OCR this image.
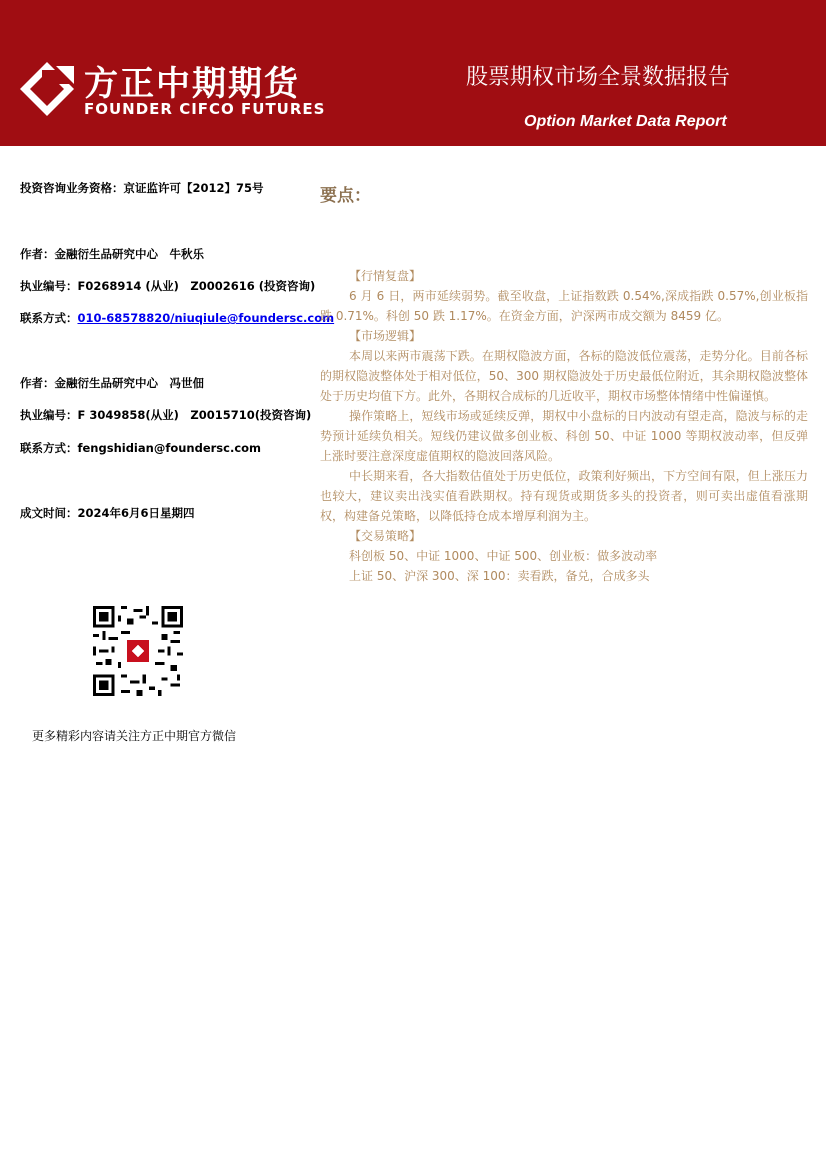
方正中期期货
FOUNDER CIFCO FUTURES
股票期权市场全景数据报告
Option Market Data Report
投资咨询业务资格：京证监许可【2012】75号
作者：金融衍生品研究中心　牛秋乐
执业编号：F0268914 (从业)　Z0002616 (投资咨询)
联系方式：010-68578820/niuqiule@foundersc.com
作者：金融衍生品研究中心　冯世佃
执业编号：F 3049858(从业)　Z0015710(投资咨询)
联系方式：fengshidian@foundersc.com
成文时间：2024年6月6日星期四
要点：

【行情复盘】

6 月 6 日，两市延续弱势。截至收盘，上证指数跌 0.54%,深成指跌 0.57%,创业板指跌 0.71%。科创 50 跌 1.17%。在资金方面，沪深两市成交额为 8459 亿。

【市场逻辑】

本周以来两市震荡下跌。在期权隐波方面，各标的隐波低位震荡，走势分化。目前各标的期权隐波整体处于相对低位，50、300 期权隐波处于历史最低位附近，其余期权隐波整体处于历史均值下方。此外，各期权合成标的几近收平，期权市场整体情绪中性偏谨慎。

操作策略上，短线市场或延续反弹，期权中小盘标的日内波动有望走高，隐波与标的走势预计延续负相关。短线仍建议做多创业板、科创 50、中证 1000 等期权波动率，但反弹上涨时要注意深度虚值期权的隐波回落风险。

中长期来看，各大指数估值处于历史低位，政策利好频出，下方空间有限，但上涨压力也较大，建议卖出浅实值看跌期权。持有现货或期货多头的投资者，则可卖出虚值看涨期权，构建备兑策略，以降低持仓成本增厚利润为主。

【交易策略】

科创板 50、中证 1000、中证 500、创业板：做多波动率

上证 50、沪深 300、深 100：卖看跌，备兑，合成多头

更多精彩内容请关注方正中期官方微信
